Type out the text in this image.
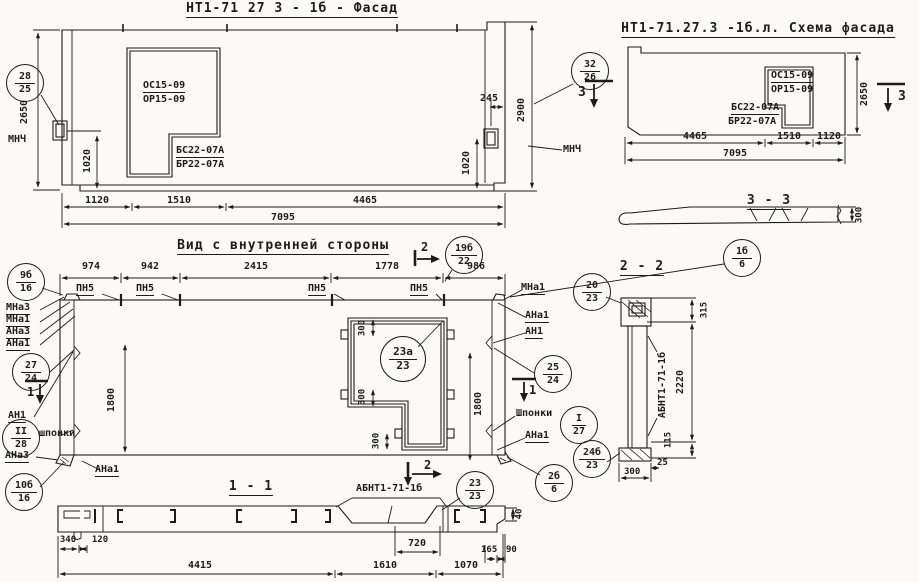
НТ1-71 27 3 - 1б - Фасад
ОС15-09
ОР15-09
БС22-07А
БР22-07А
МНЧ
МНЧ
28
25
32
26
3
2650
1020
1120	1510	4465
7095
245 2900
1020
НТ1-71.27.3 -1б.л. Схема фасада
ОС15-09
ОР15-09
БС22-07А
БР22-07А
2650
4465	1510 1120
7095
3
3 - 3
300
Вид с внутренней стороны
974	942	2415	1778	986
ПН5	ПН5	ПН5	ПН5
2	19б
22
1б
6
МНа3
МНа1
АНа3
АНа1
27
24
1
АН1
II
28
шпонки
АНа3
10б
16
АНа1
9б
16
1800
23а
23
300
300
300
1800
МНа1
АНа1
АН1
25
24
1
Шпонки	I
27
АНа1
2
23
23
2б
6
24б
23
20
23
1 - 1	АБНТ1-71-1б
340 120	720
4415	1610	1070
165 90
40
2 - 2
АБНТ1-71-1б
315
2220
115
25
300
